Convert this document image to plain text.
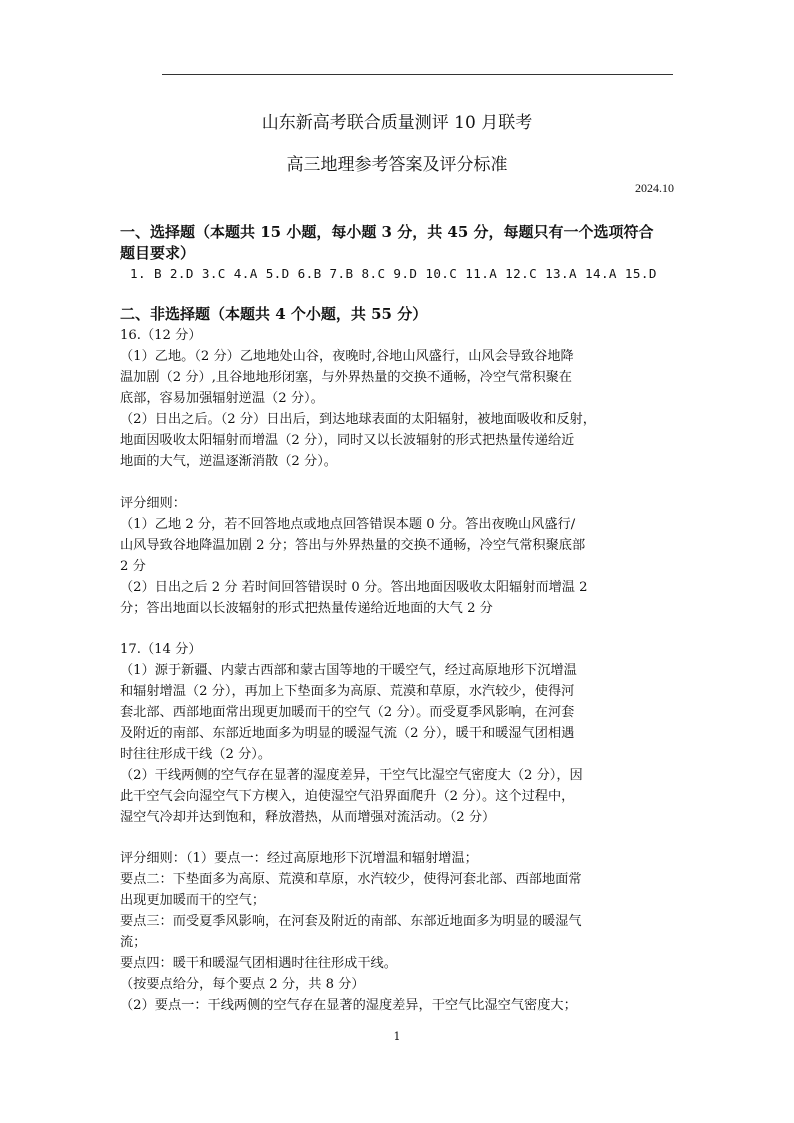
山东新高考联合质量测评 10 月联考
高三地理参考答案及评分标准
2024.10
一、选择题（本题共 15 小题，每小题 3 分，共 45 分，每题只有一个选项符合
题目要求）
1. B 2.D 3.C 4.A 5.D 6.B 7.B 8.C 9.D 10.C 11.A 12.C 13.A 14.A 15.D
二、非选择题（本题共 4 个小题，共 55 分）
16.（12 分）
（1）乙地。（2 分）乙地地处山谷，夜晚时,谷地山风盛行，山风会导致谷地降
温加剧（2 分）,且谷地地形闭塞，与外界热量的交换不通畅，冷空气常积聚在
底部，容易加强辐射逆温（2 分）。
（2）日出之后。（2 分）日出后，到达地球表面的太阳辐射，被地面吸收和反射，
地面因吸收太阳辐射而增温（2 分），同时又以长波辐射的形式把热量传递给近
地面的大气，逆温逐渐消散（2 分）。
评分细则：
（1）乙地 2 分，若不回答地点或地点回答错误本题 0 分。答出夜晚山风盛行/
山风导致谷地降温加剧 2 分；答出与外界热量的交换不通畅，冷空气常积聚底部
2 分
（2）日出之后 2 分 若时间回答错误时 0 分。答出地面因吸收太阳辐射而增温 2
分；答出地面以长波辐射的形式把热量传递给近地面的大气 2 分
17.（14 分）
（1）源于新疆、内蒙古西部和蒙古国等地的干暖空气，经过高原地形下沉增温
和辐射增温（2 分），再加上下垫面多为高原、荒漠和草原，水汽较少，使得河
套北部、西部地面常出现更加暖而干的空气（2 分）。而受夏季风影响，在河套
及附近的南部、东部近地面多为明显的暖湿气流（2 分），暖干和暖湿气团相遇
时往往形成干线（2 分）。
（2）干线两侧的空气存在显著的湿度差异，干空气比湿空气密度大（2 分），因
此干空气会向湿空气下方楔入，迫使湿空气沿界面爬升（2 分）。这个过程中，
湿空气冷却并达到饱和，释放潜热，从而增强对流活动。（2 分）
评分细则：（1）要点一：经过高原地形下沉增温和辐射增温；
要点二：下垫面多为高原、荒漠和草原，水汽较少，使得河套北部、西部地面常
出现更加暖而干的空气；
要点三：而受夏季风影响，在河套及附近的南部、东部近地面多为明显的暖湿气
流；
要点四：暖干和暖湿气团相遇时往往形成干线。
（按要点给分，每个要点 2 分，共 8 分）
（2）要点一：干线两侧的空气存在显著的湿度差异，干空气比湿空气密度大；
1
